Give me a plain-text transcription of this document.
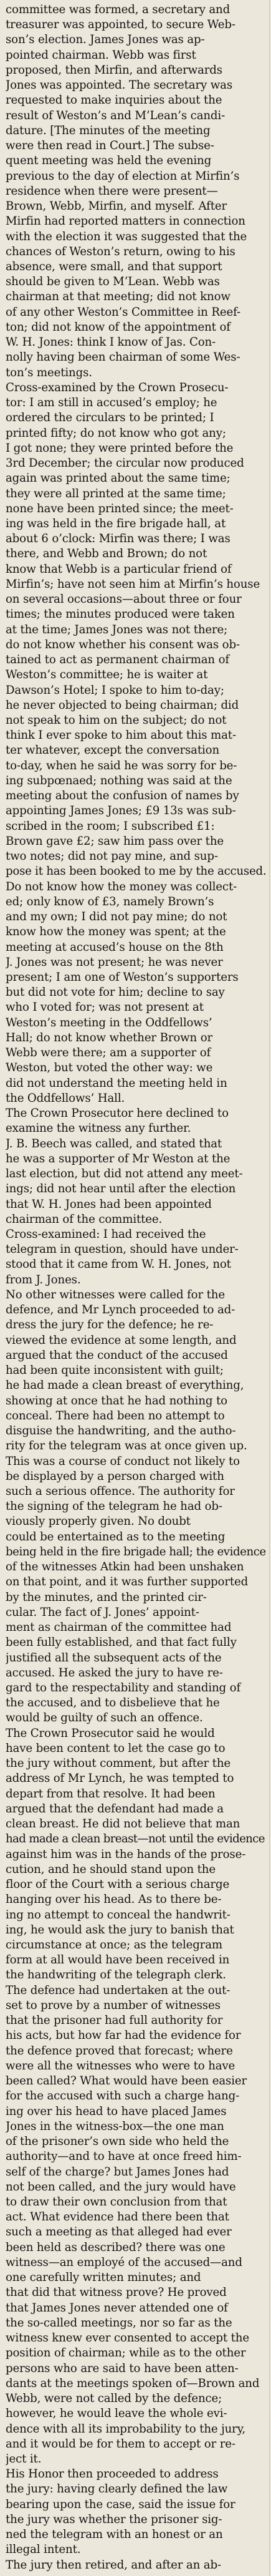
committee was formed, a secretary and
treasurer was appointed, to secure Web-
son’s election. James Jones was ap-
pointed chairman. Webb was first
proposed, then Mirfin, and afterwards
Jones was appointed. The secretary was
requested to make inquiries about the
result of Weston’s and M’Lean’s candi-
dature. [The minutes of the meeting
were then read in Court.] The subse-
quent meeting was held the evening
previous to the day of election at Mirfin’s
residence when there were present—
Brown, Webb, Mirfin, and myself. After
Mirfin had reported matters in connection
with the election it was suggested that the
chances of Weston’s return, owing to his
absence, were small, and that support
should be given to M‘Lean. Webb was
chairman at that meeting; did not know
of any other Weston’s Committee in Reef-
ton; did not know of the appointment of
W. H. Jones: think I know of Jas. Con-
nolly having been chairman of some Wes-
ton’s meetings.
Cross-examined by the Crown Prosecu-
tor: I am still in accused’s employ; he
ordered the circulars to be printed; I
printed fifty; do not know who got any;
I got none; they were printed before the
3rd December; the circular now produced
again was printed about the same time;
they were all printed at the same time;
none have been printed since; the meet-
ing was held in the fire brigade hall, at
about 6 o’clock: Mirfin was there; I was
there, and Webb and Brown; do not
know that Webb is a particular friend of
Mirfin’s; have not seen him at Mirfin’s house
on several occasions—about three or four
times; the minutes produced were taken
at the time; James Jones was not there;
do not know whether his consent was ob-
tained to act as permanent chairman of
Weston’s committee; he is waiter at
Dawson’s Hotel; I spoke to him to-day;
he never objected to being chairman; did
not speak to him on the subject; do not
think I ever spoke to him about this mat-
ter whatever, except the conversation
to-day, when he said he was sorry for be-
ing subpœnaed; nothing was said at the
meeting about the confusion of names by
appointing James Jones; £9 13s was sub-
scribed in the room; I subscribed £1:
Brown gave £2; saw him pass over the
two notes; did not pay mine, and sup-
pose it has been booked to me by the accused.
Do not know how the money was collect-
ed; only know of £3, namely Brown’s
and my own; I did not pay mine; do not
know how the money was spent; at the
meeting at accused’s house on the 8th
J. Jones was not present; he was never
present; I am one of Weston’s supporters
but did not vote for him; decline to say
who I voted for; was not present at
Weston’s meeting in the Oddfellows’
Hall; do not know whether Brown or
Webb were there; am a supporter of
Weston, but voted the other way: we
did not understand the meeting held in
the Oddfellows’ Hall.
The Crown Prosecutor here declined to
examine the witness any further.
J. B. Beech was called, and stated that
he was a supporter of Mr Weston at the
last election, but did not attend any meet-
ings; did not hear until after the election
that W. H. Jones had been appointed
chairman of the committee.
Cross-examined: I had received the
telegram in question, should have under-
stood that it came from W. H. Jones, not
from J. Jones.
No other witnesses were called for the
defence, and Mr Lynch proceeded to ad-
dress the jury for the defence; he re-
viewed the evidence at some length, and
argued that the conduct of the accused
had been quite inconsistent with guilt;
he had made a clean breast of everything,
showing at once that he had nothing to
conceal. There had been no attempt to
disguise the handwriting, and the autho-
rity for the telegram was at once given up.
This was a course of conduct not likely to
be displayed by a person charged with
such a serious offence. The authority for
the signing of the telegram he had ob-
viously properly given. No doubt
could be entertained as to the meeting
being held in the fire brigade hall; the evidence
of the witnesses Atkin had been unshaken
on that point, and it was further supported
by the minutes, and the printed cir-
cular. The fact of J. Jones’ appoint-
ment as chairman of the committee had
been fully established, and that fact fully
justified all the subsequent acts of the
accused. He asked the jury to have re-
gard to the respectability and standing of
the accused, and to disbelieve that he
would be guilty of such an offence.
The Crown Prosecutor said he would
have been content to let the case go to
the jury without comment, but after the
address of Mr Lynch, he was tempted to
depart from that resolve. It had been
argued that the defendant had made a
clean breast. He did not believe that man
had made a clean breast—not until the evidence
against him was in the hands of the prose-
cution, and he should stand upon the
floor of the Court with a serious charge
hanging over his head. As to there be-
ing no attempt to conceal the handwrit-
ing, he would ask the jury to banish that
circumstance at once; as the telegram
form at all would have been received in
the handwriting of the telegraph clerk.
The defence had undertaken at the out-
set to prove by a number of witnesses
that the prisoner had full authority for
his acts, but how far had the evidence for
the defence proved that forecast; where
were all the witnesses who were to have
been called? What would have been easier
for the accused with such a charge hang-
ing over his head to have placed James
Jones in the witness-box—the one man
of the prisoner’s own side who held the
authority—and to have at once freed him-
self of the charge? but James Jones had
not been called, and the jury would have
to draw their own conclusion from that
act. What evidence had there been that
such a meeting as that alleged had ever
been held as described? there was one
witness—an employé of the accused—and
one carefully written minutes; and
that did that witness prove? He proved
that James Jones never attended one of
the so-called meetings, nor so far as the
witness knew ever consented to accept the
position of chairman; while as to the other
persons who are said to have been atten-
dants at the meetings spoken of—Brown and
Webb, were not called by the defence;
however, he would leave the whole evi-
dence with all its improbability to the jury,
and it would be for them to accept or re-
ject it.
His Honor then proceeded to address
the jury: having clearly defined the law
bearing upon the case, said the issue for
the jury was whether the prisoner sig-
ned the telegram with an honest or an
illegal intent.
The jury then retired, and after an ab-
